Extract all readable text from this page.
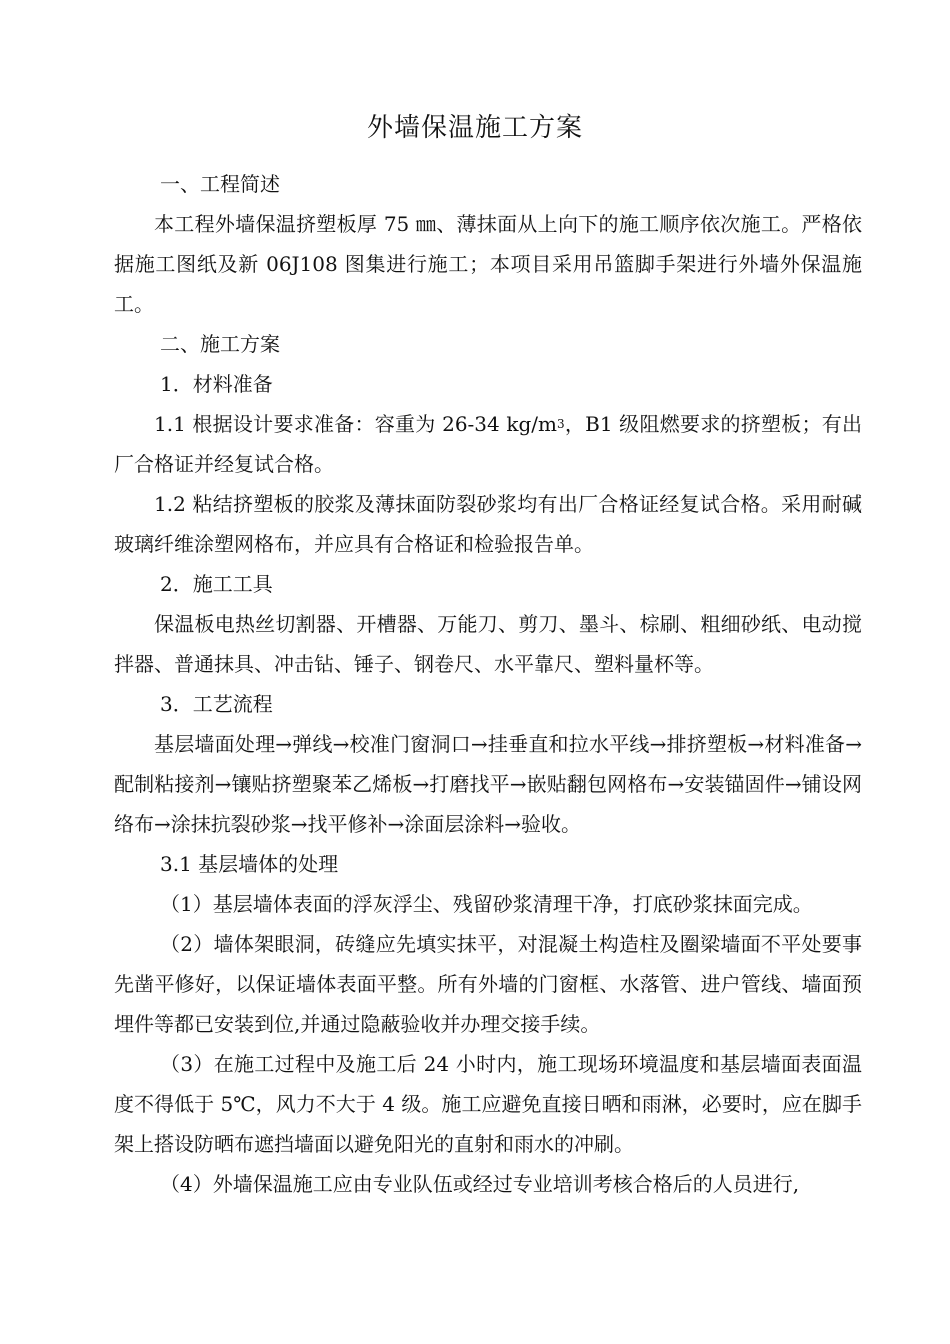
外墙保温施工方案

一、工程简述

本工程外墙保温挤塑板厚 75 ㎜、薄抹面从上向下的施工顺序依次施工。严格依据施工图纸及新 06J108 图集进行施工；本项目采用吊篮脚手架进行外墙外保温施工。

二、施工方案

1．材料准备

1.1 根据设计要求准备：容重为 26-34 $kg/m^3$，B1 级阻燃要求的挤塑板；有出厂合格证并经复试合格。

1.2 粘结挤塑板的胶浆及薄抹面防裂砂浆均有出厂合格证经复试合格。采用耐碱玻璃纤维涂塑网格布，并应具有合格证和检验报告单。

2．施工工具

保温板电热丝切割器、开槽器、万能刀、剪刀、墨斗、棕刷、粗细砂纸、电动搅拌器、普通抹具、冲击钻、锤子、钢卷尺、水平靠尺、塑料量杯等。

3．工艺流程

基层墙面处理→弹线→校准门窗洞口→挂垂直和拉水平线→排挤塑板→材料准备→配制粘接剂→镶贴挤塑聚苯乙烯板→打磨找平→嵌贴翻包网格布→安装锚固件→铺设网络布→涂抹抗裂砂浆→找平修补→涂面层涂料→验收。

3.1 基层墙体的处理

（1）基层墙体表面的浮灰浮尘、残留砂浆清理干净，打底砂浆抹面完成。

（2）墙体架眼洞，砖缝应先填实抹平，对混凝土构造柱及圈梁墙面不平处要事先凿平修好，以保证墙体表面平整。所有外墙的门窗框、水落管、进户管线、墙面预埋件等都已安装到位,并通过隐蔽验收并办理交接手续。

（3）在施工过程中及施工后 24 小时内，施工现场环境温度和基层墙面表面温度不得低于 5℃，风力不大于 4 级。施工应避免直接日晒和雨淋，必要时，应在脚手架上搭设防晒布遮挡墙面以避免阳光的直射和雨水的冲刷。

（4）外墙保温施工应由专业队伍或经过专业培训考核合格后的人员进行,
